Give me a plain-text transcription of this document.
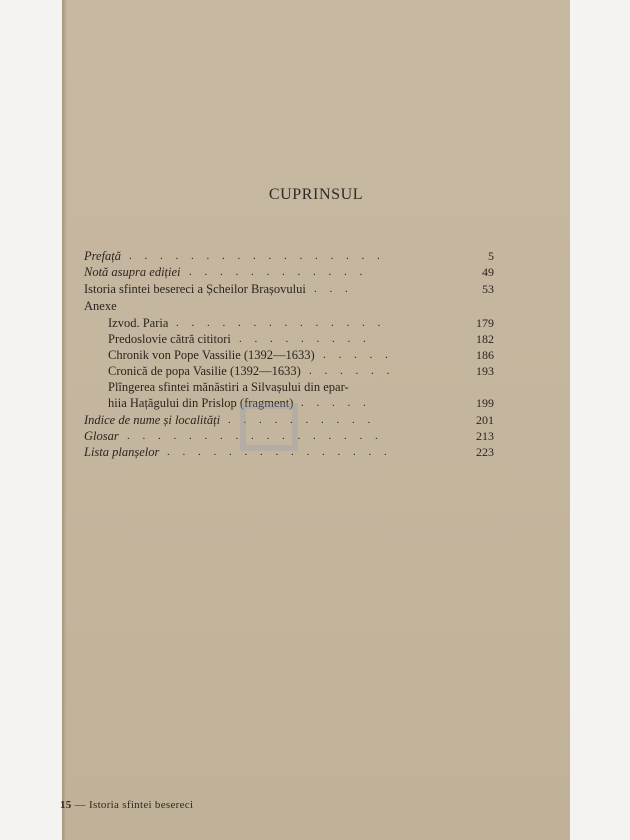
CUPRINSUL
Prefață . . . . . . . . . . . . . . . . .	5
Notă asupra ediției . . . . . . . . . . . .	49
Istoria sfintei besereci a Șcheilor Brașovului . . .	53
Anexe
Izvod. Paria . . . . . . . . . . . . . .	179
Predoslovie cătră cititori . . . . . . . . .	182
Chronik von Pope Vassilie (1392—1633) . . . . .	186
Cronică de popa Vasilie (1392—1633) . . . . . .	193
Plîngerea sfintei mănăstiri a Silvașului din epar-
hiia Hațăgului din Prislop (fragment) . . . . .	199
Indice de nume și localități . . . . . . . . . .	201
Glosar . . . . . . . . . . . . . . . . .	213
Lista planșelor . . . . . . . . . . . . . . .	223
15 — Istoria sfintei besereci
